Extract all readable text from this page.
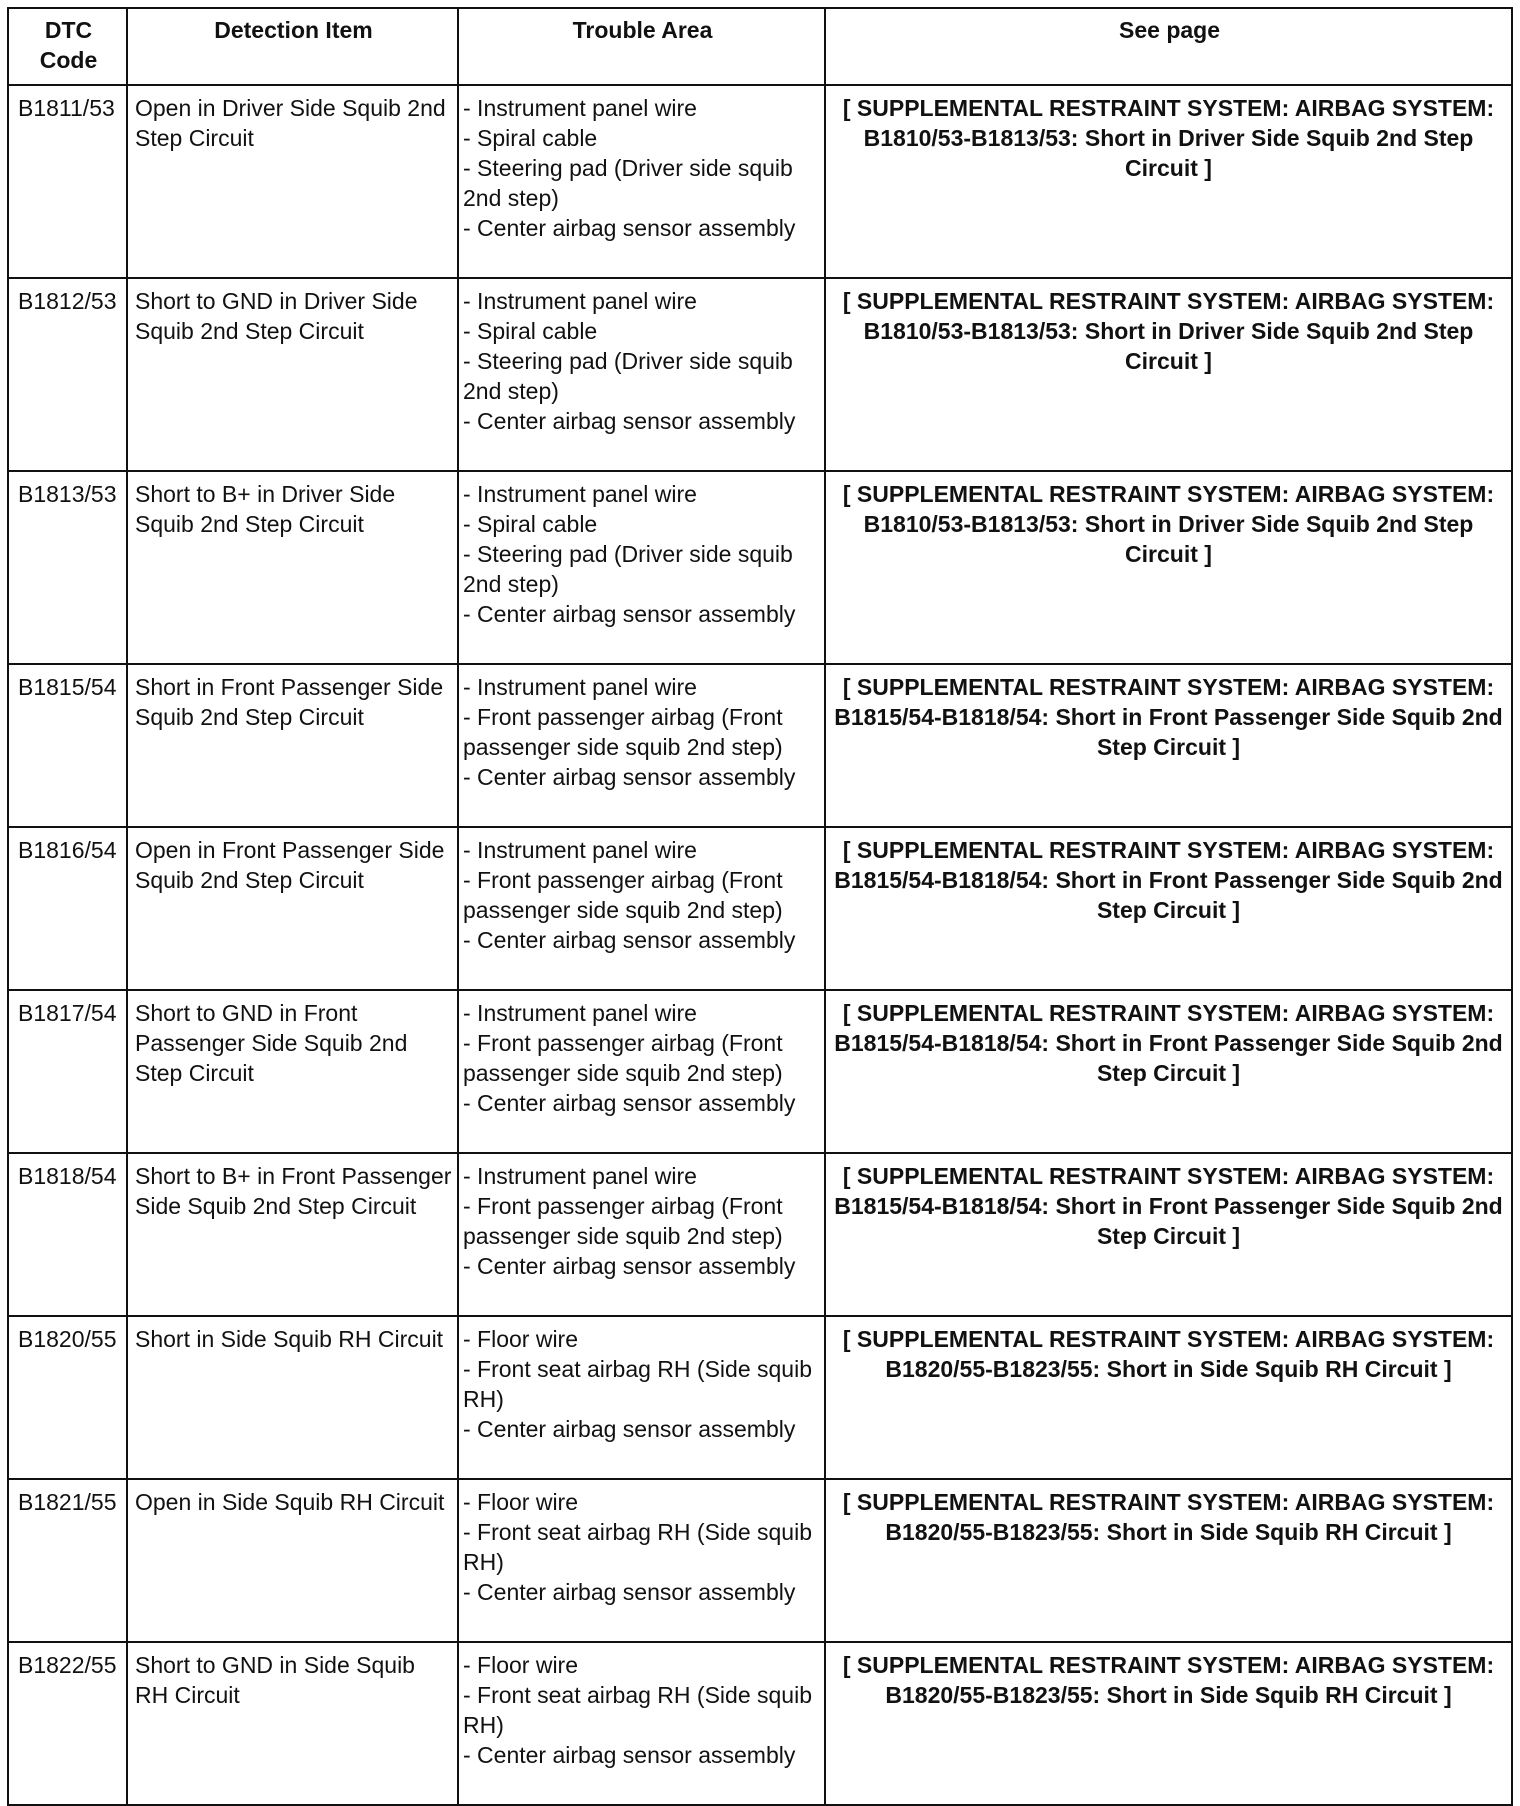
DTC
Code	Detection Item	Trouble Area	See page
B1811/53	Open in Driver Side Squib 2nd Step Circuit	- Instrument panel wire
- Spiral cable
- Steering pad (Driver side squib 2nd step)
- Center airbag sensor assembly	[ SUPPLEMENTAL RESTRAINT SYSTEM: AIRBAG SYSTEM: B1810/53-B1813/53: Short in Driver Side Squib 2nd Step Circuit ]
B1812/53	Short to GND in Driver Side Squib 2nd Step Circuit	- Instrument panel wire
- Spiral cable
- Steering pad (Driver side squib 2nd step)
- Center airbag sensor assembly	[ SUPPLEMENTAL RESTRAINT SYSTEM: AIRBAG SYSTEM: B1810/53-B1813/53: Short in Driver Side Squib 2nd Step Circuit ]
B1813/53	Short to B+ in Driver Side Squib 2nd Step Circuit	- Instrument panel wire
- Spiral cable
- Steering pad (Driver side squib 2nd step)
- Center airbag sensor assembly	[ SUPPLEMENTAL RESTRAINT SYSTEM: AIRBAG SYSTEM: B1810/53-B1813/53: Short in Driver Side Squib 2nd Step Circuit ]
B1815/54	Short in Front Passenger Side Squib 2nd Step Circuit	- Instrument panel wire
- Front passenger airbag (Front passenger side squib 2nd step)
- Center airbag sensor assembly	[ SUPPLEMENTAL RESTRAINT SYSTEM: AIRBAG SYSTEM: B1815/54-B1818/54: Short in Front Passenger Side Squib 2nd Step Circuit ]
B1816/54	Open in Front Passenger Side Squib 2nd Step Circuit	- Instrument panel wire
- Front passenger airbag (Front passenger side squib 2nd step)
- Center airbag sensor assembly	[ SUPPLEMENTAL RESTRAINT SYSTEM: AIRBAG SYSTEM: B1815/54-B1818/54: Short in Front Passenger Side Squib 2nd Step Circuit ]
B1817/54	Short to GND in Front Passenger Side Squib 2nd Step Circuit	- Instrument panel wire
- Front passenger airbag (Front passenger side squib 2nd step)
- Center airbag sensor assembly	[ SUPPLEMENTAL RESTRAINT SYSTEM: AIRBAG SYSTEM: B1815/54-B1818/54: Short in Front Passenger Side Squib 2nd Step Circuit ]
B1818/54	Short to B+ in Front Passenger Side Squib 2nd Step Circuit	- Instrument panel wire
- Front passenger airbag (Front passenger side squib 2nd step)
- Center airbag sensor assembly	[ SUPPLEMENTAL RESTRAINT SYSTEM: AIRBAG SYSTEM: B1815/54-B1818/54: Short in Front Passenger Side Squib 2nd Step Circuit ]
B1820/55	Short in Side Squib RH Circuit	- Floor wire
- Front seat airbag RH (Side squib RH)
- Center airbag sensor assembly	[ SUPPLEMENTAL RESTRAINT SYSTEM: AIRBAG SYSTEM: B1820/55-B1823/55: Short in Side Squib RH Circuit ]
B1821/55	Open in Side Squib RH Circuit	- Floor wire
- Front seat airbag RH (Side squib RH)
- Center airbag sensor assembly	[ SUPPLEMENTAL RESTRAINT SYSTEM: AIRBAG SYSTEM: B1820/55-B1823/55: Short in Side Squib RH Circuit ]
B1822/55	Short to GND in Side Squib RH Circuit	- Floor wire
- Front seat airbag RH (Side squib RH)
- Center airbag sensor assembly	[ SUPPLEMENTAL RESTRAINT SYSTEM: AIRBAG SYSTEM: B1820/55-B1823/55: Short in Side Squib RH Circuit ]
